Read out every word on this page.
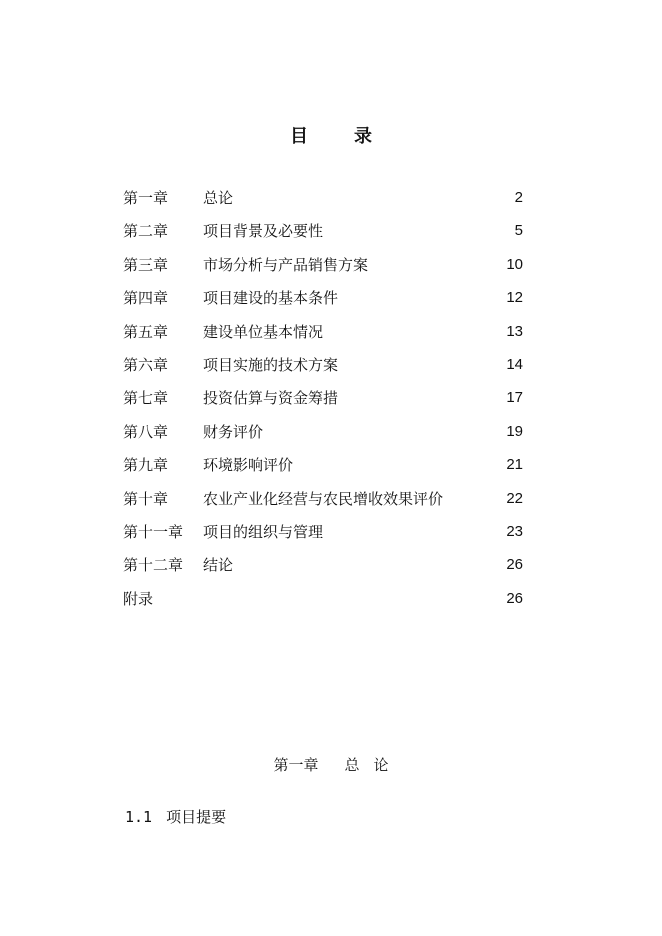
目	录
第一章 总论	2
第二章 项目背景及必要性	5
第三章 市场分析与产品销售方案	10
第四章 项目建设的基本条件	12
第五章 建设单位基本情况	13
第六章 项目实施的技术方案	14
第七章 投资估算与资金筹措	17
第八章 财务评价	19
第九章 环境影响评价	21
第十章 农业产业化经营与农民增收效果评价	22
第十一章 项目的组织与管理	23
第十二章 结论	26
附录	26
第一章 总 论
1.1 项目提要
